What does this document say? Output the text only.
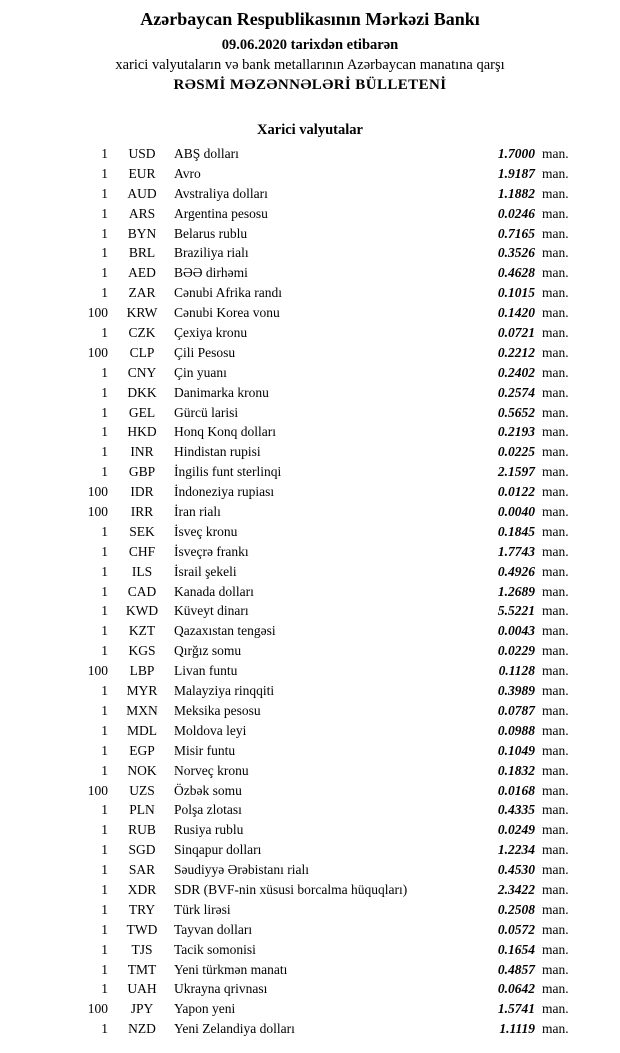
Azərbaycan Respublikasının Mərkəzi Bankı
09.06.2020 tarixdən etibarən
xarici valyutaların və bank metallarının Azərbaycan manatına qarşı
RƏSMİ MƏZƏNNƏLƏRİ BÜLLETENİ
Xarici valyutalar
1	USD	ABŞ dolları	1.7000 man.
1	EUR	Avro	1.9187 man.
1	AUD	Avstraliya dolları	1.1882 man.
1	ARS	Argentina pesosu	0.0246 man.
1	BYN	Belarus rublu	0.7165 man.
1	BRL	Braziliya rialı	0.3526 man.
1	AED	BƏƏ dirhəmi	0.4628 man.
1	ZAR	Cənubi Afrika randı	0.1015 man.
100	KRW	Cənubi Korea vonu	0.1420 man.
1	CZK	Çexiya kronu	0.0721 man.
100	CLP	Çili Pesosu	0.2212 man.
1	CNY	Çin yuanı	0.2402 man.
1	DKK	Danimarka kronu	0.2574 man.
1	GEL	Gürcü larisi	0.5652 man.
1	HKD	Honq Konq dolları	0.2193 man.
1	INR	Hindistan rupisi	0.0225 man.
1	GBP	İngilis funt sterlinqi	2.1597 man.
100	IDR	İndoneziya rupiası	0.0122 man.
100	IRR	İran rialı	0.0040 man.
1	SEK	İsveç kronu	0.1845 man.
1	CHF	İsveçrə frankı	1.7743 man.
1	ILS	İsrail şekeli	0.4926 man.
1	CAD	Kanada dolları	1.2689 man.
1	KWD	Küveyt dinarı	5.5221 man.
1	KZT	Qazaxıstan tengəsi	0.0043 man.
1	KGS	Qırğız somu	0.0229 man.
100	LBP	Livan funtu	0.1128 man.
1	MYR	Malayziya rinqqiti	0.3989 man.
1	MXN	Meksika pesosu	0.0787 man.
1	MDL	Moldova leyi	0.0988 man.
1	EGP	Misir funtu	0.1049 man.
1	NOK	Norveç kronu	0.1832 man.
100	UZS	Özbək somu	0.0168 man.
1	PLN	Polşa zlotası	0.4335 man.
1	RUB	Rusiya rublu	0.0249 man.
1	SGD	Sinqapur dolları	1.2234 man.
1	SAR	Səudiyyə Ərəbistanı rialı	0.4530 man.
1	XDR	SDR (BVF-nin xüsusi borcalma hüquqları)	2.3422 man.
1	TRY	Türk lirəsi	0.2508 man.
1	TWD	Tayvan dolları	0.0572 man.
1	TJS	Tacik somonisi	0.1654 man.
1	TMT	Yeni türkmən manatı	0.4857 man.
1	UAH	Ukrayna qrivnası	0.0642 man.
100	JPY	Yapon yeni	1.5741 man.
1	NZD	Yeni Zelandiya dolları	1.1119 man.
